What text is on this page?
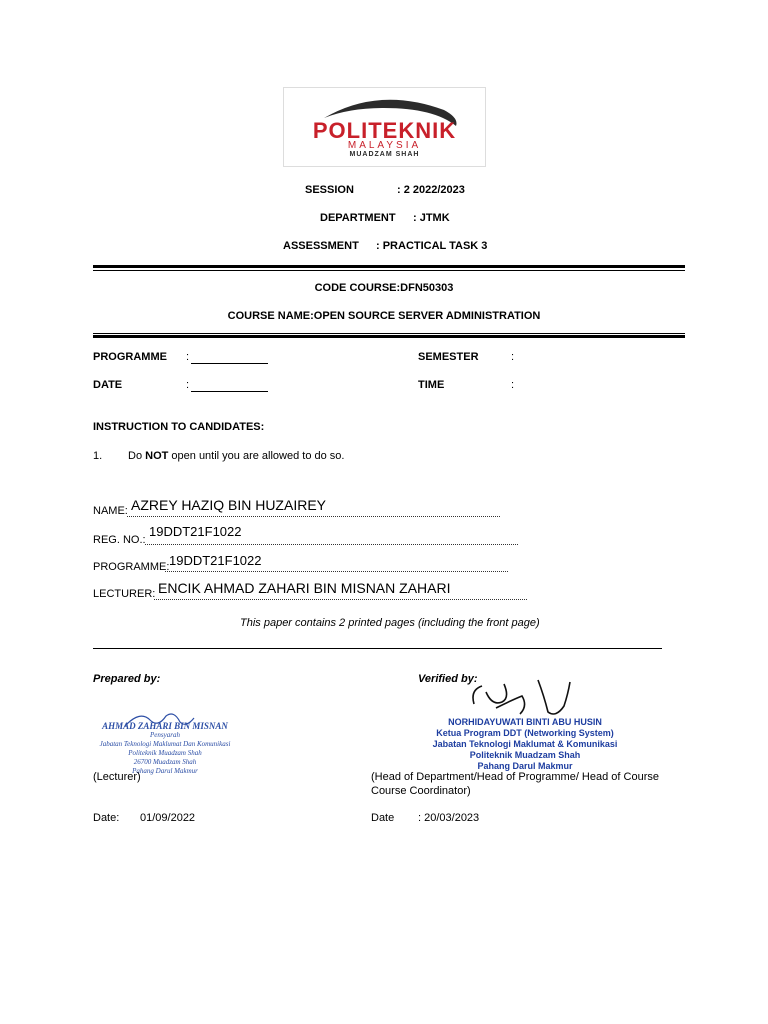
POLITEKNIK
MALAYSIA
MUADZAM SHAH
SESSION	: 2 2022/2023
DEPARTMENT : JTMK
ASSESSMENT : PRACTICAL TASK 3
CODE COURSE:DFN50303
COURSE NAME:OPEN SOURCE SERVER ADMINISTRATION
PROGRAMME :	SEMESTER	:
DATE	:	TIME	:
INSTRUCTION TO CANDIDATES:
1. Do NOT open until you are allowed to do so.
NAME: AZREY HAZIQ BIN HUZAIREY
REG. NO.:
19DDT21F1022
PROGRAMME: 19DDT21F1022
LECTURER: ENCIK AHMAD ZAHARI BIN MISNAN ZAHARI
This paper contains 2 printed pages (including the front page)
Prepared by:	Verified by:
AHMAD ZAHARI BIN MISNAN
Pensyarah
Jabatan Teknologi Maklumat Dan Komunikasi
Politeknik Muadzam Shah
26700 Muadzam Shah
Pahang Darul Makmur
NORHIDAYUWATI BINTI ABU HUSIN
Ketua Program DDT (Networking System)
Jabatan Teknologi Maklumat & Komunikasi
Politeknik Muadzam Shah
Pahang Darul Makmur
(Lecturer)	(Head of Department/Head of Programme/ Head of Course
Course Coordinator)
Date: 01/09/2022	Date : 20/03/2023
